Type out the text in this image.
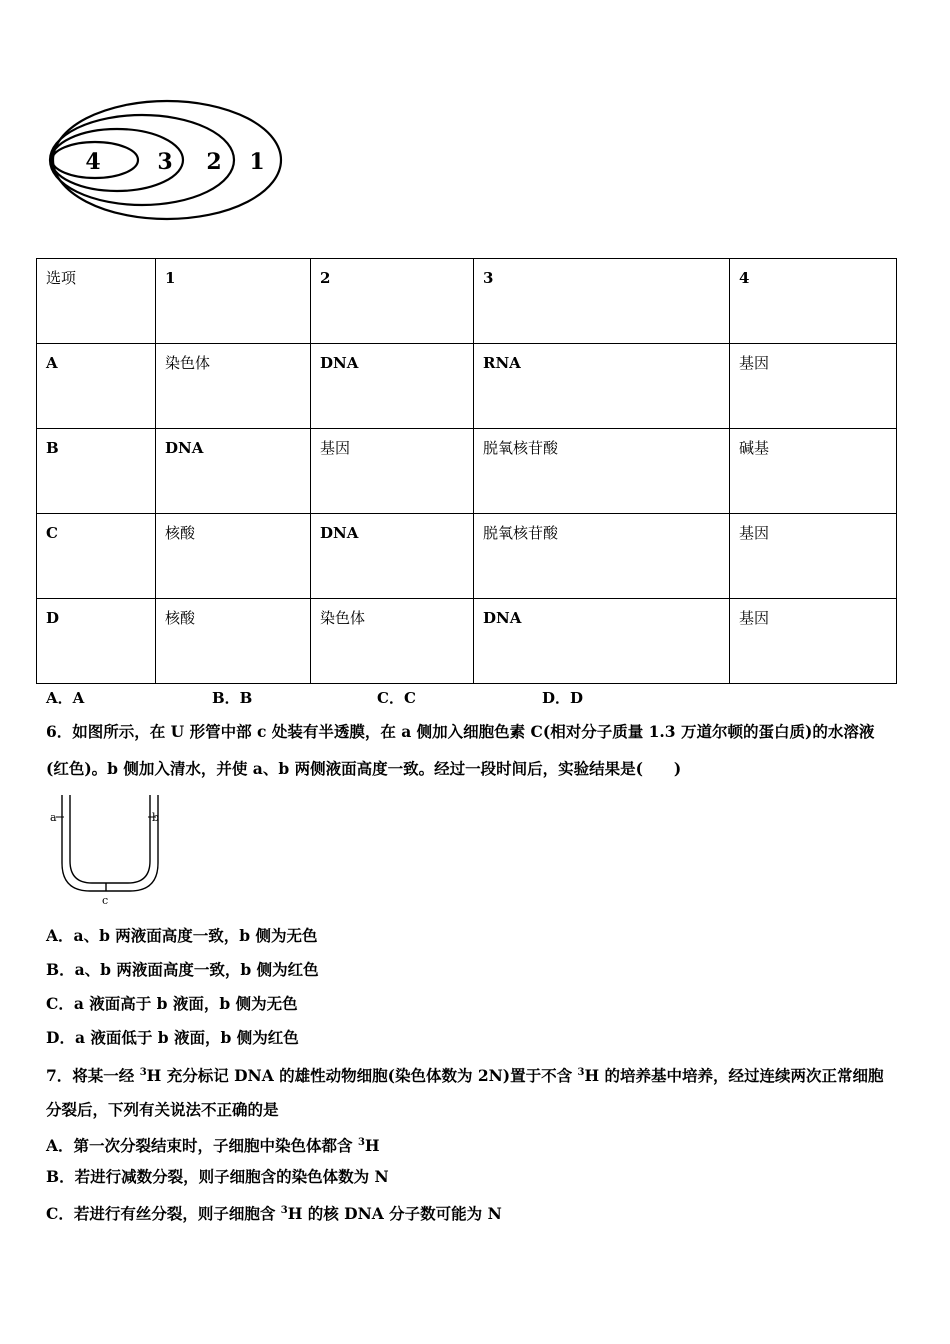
4	3 2 1
选项	1	2	3	4
A	染色体	DNA	RNA	基因
B	DNA	基因	脱氧核苷酸	碱基
C	核酸	DNA	脱氧核苷酸	基因
D	核酸	染色体	DNA	基因
A．A	B．B	C．C	D．D
6．如图所示，在 U 形管中部 c 处装有半透膜，在 a 侧加入细胞色素 C(相对分子质量 1.3 万道尔顿的蛋白质)的水溶液
(红色)。b 侧加入清水，并使 a、b 两侧液面高度一致。经过一段时间后，实验结果是(　　)
a	b
c
A．a、b 两液面高度一致，b 侧为无色
B．a、b 两液面高度一致，b 侧为红色
C．a 液面高于 b 液面，b 侧为无色
D．a 液面低于 b 液面，b 侧为红色
7．将某一经 $^3$H 充分标记 DNA 的雄性动物细胞(染色体数为 2N)置于不含 $^3$H 的培养基中培养，经过连续两次正常细胞
分裂后，下列有关说法不正确的是
A．第一次分裂结束时，子细胞中染色体都含 $^3$H
B．若进行减数分裂，则子细胞含的染色体数为 N
C．若进行有丝分裂，则子细胞含 $^3$H 的核 DNA 分子数可能为 N
